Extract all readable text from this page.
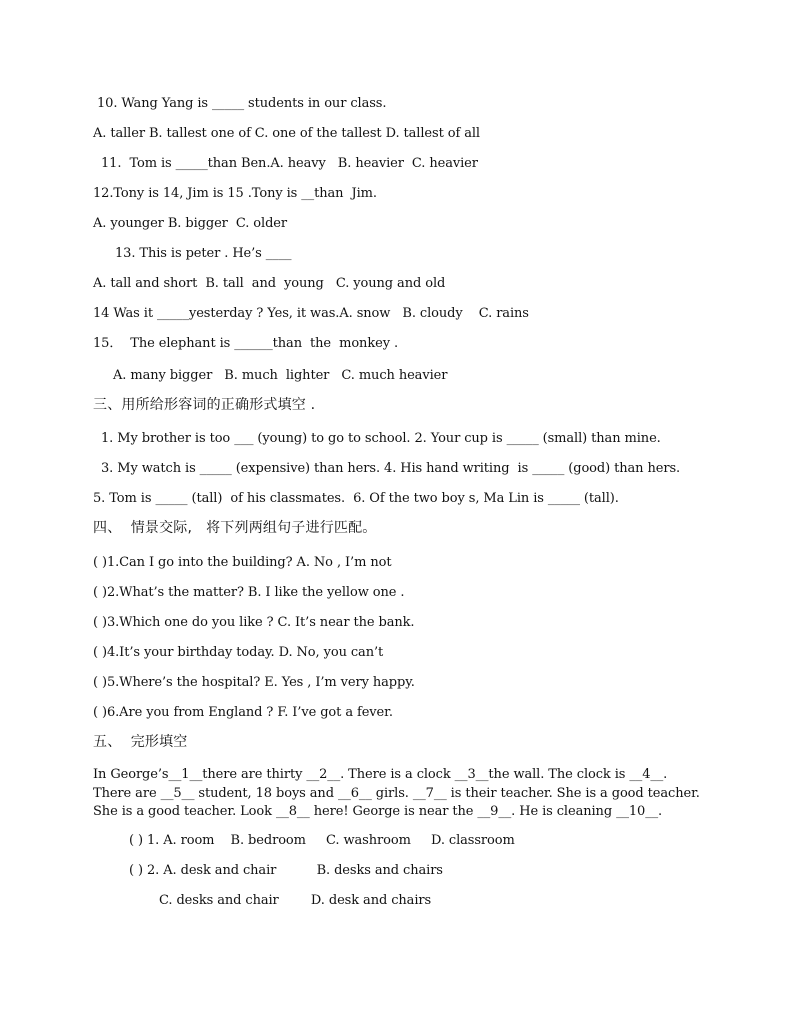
10. Wang Yang is _____ students in our class.
A. taller B. tallest one of C. one of the tallest D. tallest of all
11.  Tom is _____than Ben.A. heavy   B. heavier  C. heavier
12.Tony is 14, Jim is 15 .Tony is __than  Jim.
A. younger B. bigger  C. older
13. This is peter . He’s ____
A. tall and short  B. tall  and  young   C. young and old
14 Was it _____yesterday ? Yes, it was.A. snow   B. cloudy    C. rains
15．  The elephant is ______than  the  monkey .
A. many bigger   B. much  lighter   C. much heavier
三、用所给形容词的正确形式填空 .
1. My brother is too ___ (young) to go to school. 2. Your cup is _____ (small) than mine.
3. My watch is _____ (expensive) than hers. 4. His hand writing  is _____ (good) than hers.
5. Tom is _____ (tall)  of his classmates.  6. Of the two boy s, Ma Lin is _____ (tall).
四、  情景交际,   将下列两组句子进行匹配。
( )1.Can I go into the building? A. No , I’m not
( )2.What’s the matter? B. I like the yellow one .
( )3.Which one do you like ? C. It’s near the bank.
( )4.It’s your birthday today. D. No, you can’t
( )5.Where’s the hospital? E. Yes , I’m very happy.
( )6.Are you from England ? F. I’ve got a fever.
五、  完形填空
In George’s__1__there are thirty __2__. There is a clock __3__the wall. The clock is __4__. There are __5__ student, 18 boys and __6__ girls. __7__ is their teacher. She is a good teacher. She is a good teacher. Look __8__ here! George is near the __9__. He is cleaning __10__.
( ) 1. A. room    B. bedroom     C. washroom     D. classroom
( ) 2. A. desk and chair          B. desks and chairs
C. desks and chair        D. desk and chairs
